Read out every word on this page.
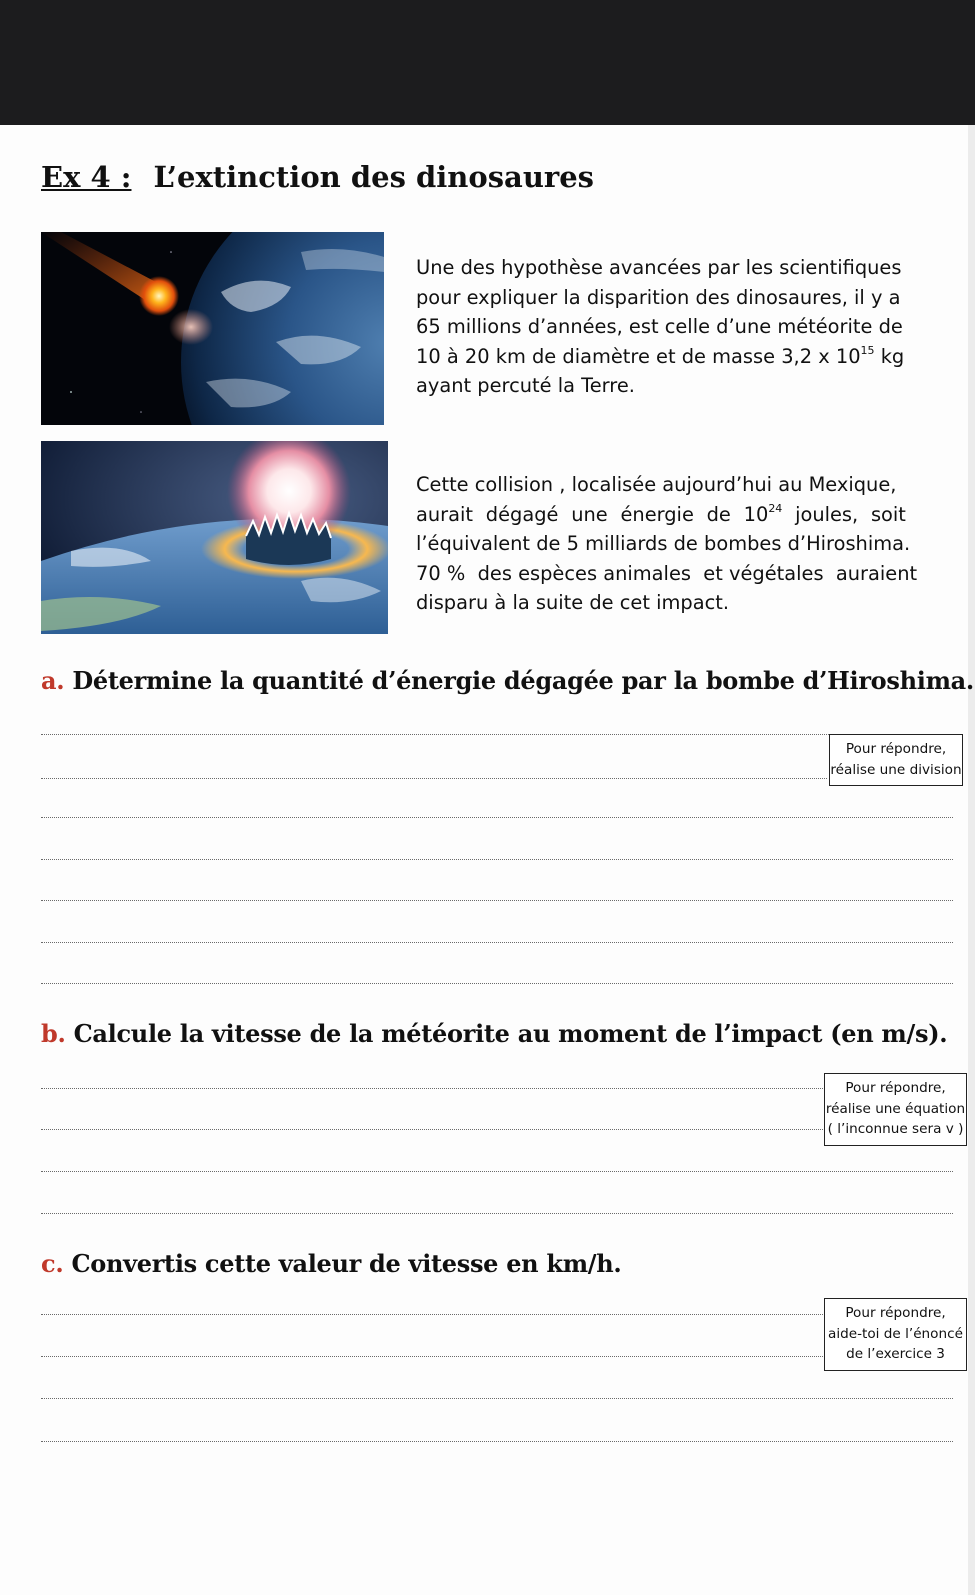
Ex 4 : L’extinction des dinosaures
Une des hypothèse avancées par les scientifiques
pour expliquer la disparition des dinosaures, il y a
65 millions d’années, est celle d’une météorite de
10 à 20 km de diamètre et de masse 3,2 x $10^{15}$ kg
ayant percuté la Terre.
Cette collision , localisée aujourd’hui au Mexique,
aurait dégagé une énergie de $10^{24}$ joules, soit
l’équivalent de 5 milliards de bombes d’Hiroshima.
70 %  des espèces animales  et végétales  auraient
disparu à la suite de cet impact.
a. Détermine la quantité d’énergie dégagée par la bombe d’Hiroshima.
Pour répondre,
réalise une division
b. Calcule la vitesse de la météorite au moment de l’impact (en m/s).
Pour répondre,
réalise une équation
( l’inconnue sera v )
c. Convertis cette valeur de vitesse en km/h.
Pour répondre,
aide-toi de l’énoncé
de l’exercice 3
